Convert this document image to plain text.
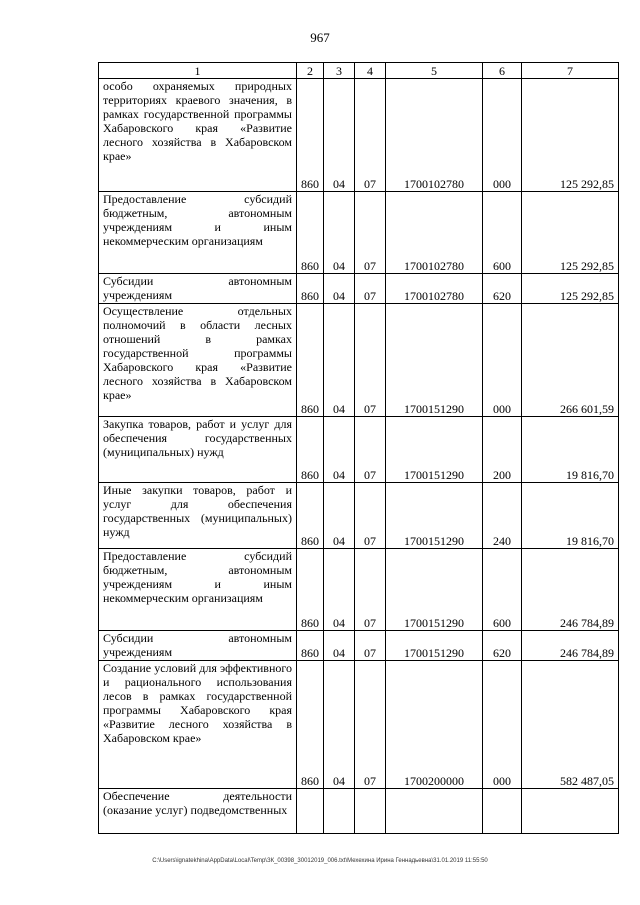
967
1	2	3	4	5	6	7
особо охраняемых природных территориях краевого значения, в рамках государственной программы Хабаровского края «Развитие лесного хозяйства в Хабаровском крае»	860	04	07	1700102780	000	125 292,85
Предоставление субсидий бюджетным, автономным учреждениям и иным некоммерческим организациям	860	04	07	1700102780	600	125 292,85
Субсидии автономным учреждениям	860	04	07	1700102780	620	125 292,85
Осуществление отдельных полномочий в области лесных отношений в рамках государственной программы Хабаровского края «Развитие лесного хозяйства в Хабаровском крае»	860	04	07	1700151290	000	266 601,59
Закупка товаров, работ и услуг для обеспечения государственных (муниципальных) нужд	860	04	07	1700151290	200	19 816,70
Иные закупки товаров, работ и услуг для обеспечения государственных (муниципальных) нужд	860	04	07	1700151290	240	19 816,70
Предоставление субсидий бюджетным, автономным учреждениям и иным некоммерческим организациям	860	04	07	1700151290	600	246 784,89
Субсидии автономным учреждениям	860	04	07	1700151290	620	246 784,89
Создание условий для эффективного и рационального использования лесов в рамках государственной программы Хабаровского края «Развитие лесного хозяйства в Хабаровском крае»	860	04	07	1700200000	000	582 487,05
Обеспечение деятельности (оказание услуг) подведомственных						
C:\Users\ignatekhina\AppData\Local\Temp\ЗК_00398_30012019_006.txt\Мехехина Ирина Геннадьевна\31.01.2019 11:55:50
